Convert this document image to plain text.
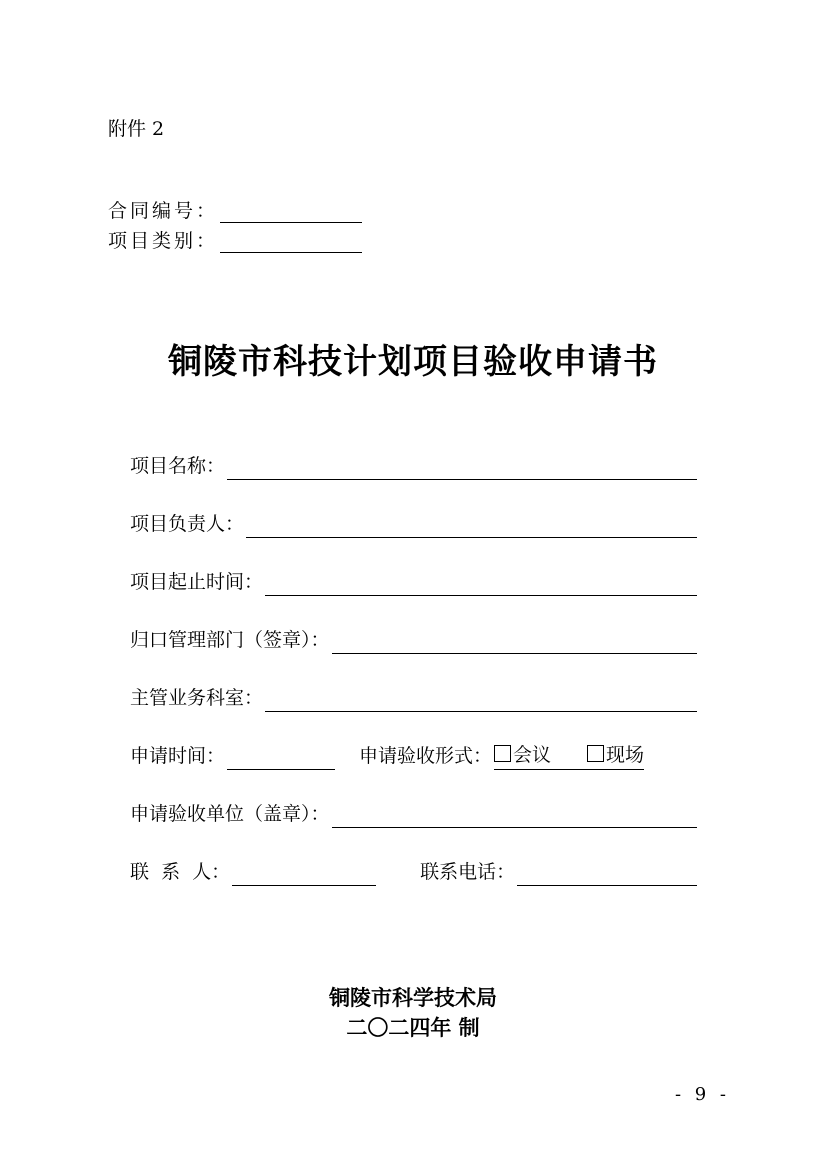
附件 2
合同编号：
项目类别：
铜陵市科技计划项目验收申请书
项目名称：
项目负责人：
项目起止时间：
归口管理部门（签章）：
主管业务科室：
申请时间：	申请验收形式：	会议	现场
申请验收单位（盖章）：
联  系  人：	联系电话：
铜陵市科学技术局
二〇二四年 制
- 9 -
